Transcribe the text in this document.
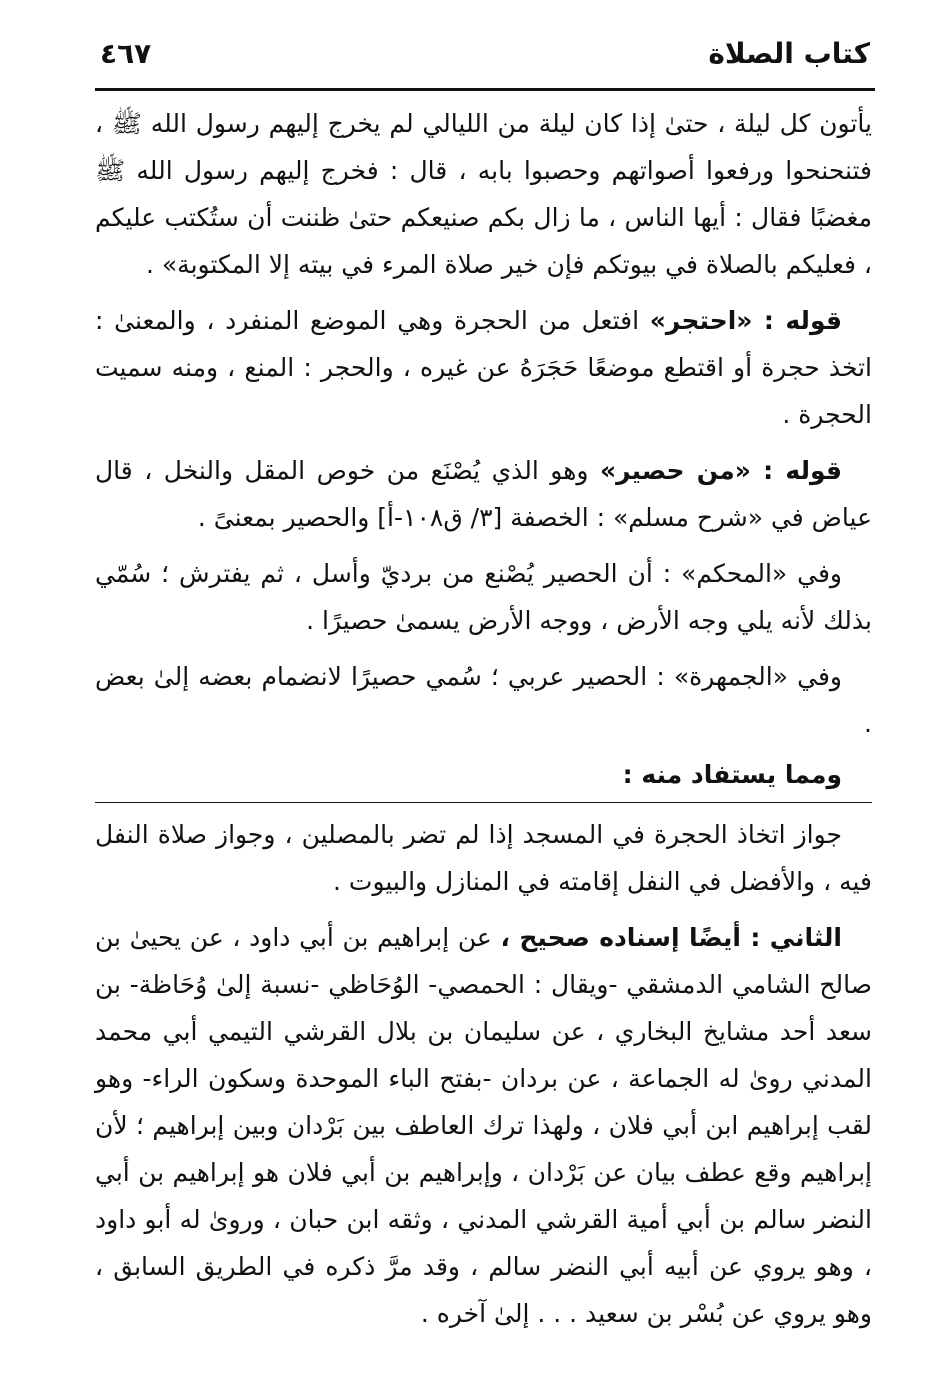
كتاب الصلاة
٤٦٧

يأتون كل ليلة ، حتىٰ إذا كان ليلة من الليالي لم يخرج إليهم رسول الله ﷺ ، فتنحنحوا ورفعوا أصواتهم وحصبوا بابه ، قال : فخرج إليهم رسول الله ﷺ مغضبًا فقال : أيها الناس ، ما زال بكم صنيعكم حتىٰ ظننت أن ستُكتب عليكم ، فعليكم بالصلاة في بيوتكم فإن خير صلاة المرء في بيته إلا المكتوبة» .

قوله : «احتجر» افتعل من الحجرة وهي الموضع المنفرد ، والمعنىٰ : اتخذ حجرة أو اقتطع موضعًا حَجَرَهُ عن غيره ، والحجر : المنع ، ومنه سميت الحجرة .

قوله : «من حصير» وهو الذي يُصْنَع من خوص المقل والنخل ، قال عياض في «شرح مسلم» : الخصفة [٣/ ق١٠٨-أ] والحصير بمعنىً .

وفي «المحكم» : أن الحصير يُصْنع من برديّ وأسل ، ثم يفترش ؛ سُمّي بذلك لأنه يلي وجه الأرض ، ووجه الأرض يسمىٰ حصيرًا .

وفي «الجمهرة» : الحصير عربي ؛ سُمي حصيرًا لانضمام بعضه إلىٰ بعض .

ومما يستفاد منه :

جواز اتخاذ الحجرة في المسجد إذا لم تضر بالمصلين ، وجواز صلاة النفل فيه ، والأفضل في النفل إقامته في المنازل والبيوت .

الثاني : أيضًا إسناده صحيح ، عن إبراهيم بن أبي داود ، عن يحيىٰ بن صالح الشامي الدمشقي -ويقال : الحمصي- الوُحَاظي -نسبة إلىٰ وُحَاظة- بن سعد أحد مشايخ البخاري ، عن سليمان بن بلال القرشي التيمي أبي محمد المدني روىٰ له الجماعة ، عن بردان -بفتح الباء الموحدة وسكون الراء- وهو لقب إبراهيم ابن أبي فلان ، ولهذا ترك العاطف بين بَرْدان وبين إبراهيم ؛ لأن إبراهيم وقع عطف بيان عن بَرْدان ، وإبراهيم بن أبي فلان هو إبراهيم بن أبي النضر سالم بن أبي أمية القرشي المدني ، وثقه ابن حبان ، وروىٰ له أبو داود ، وهو يروي عن أبيه أبي النضر سالم ، وقد مرَّ ذكره في الطريق السابق ، وهو يروي عن بُسْر بن سعيد . . . إلىٰ آخره .
